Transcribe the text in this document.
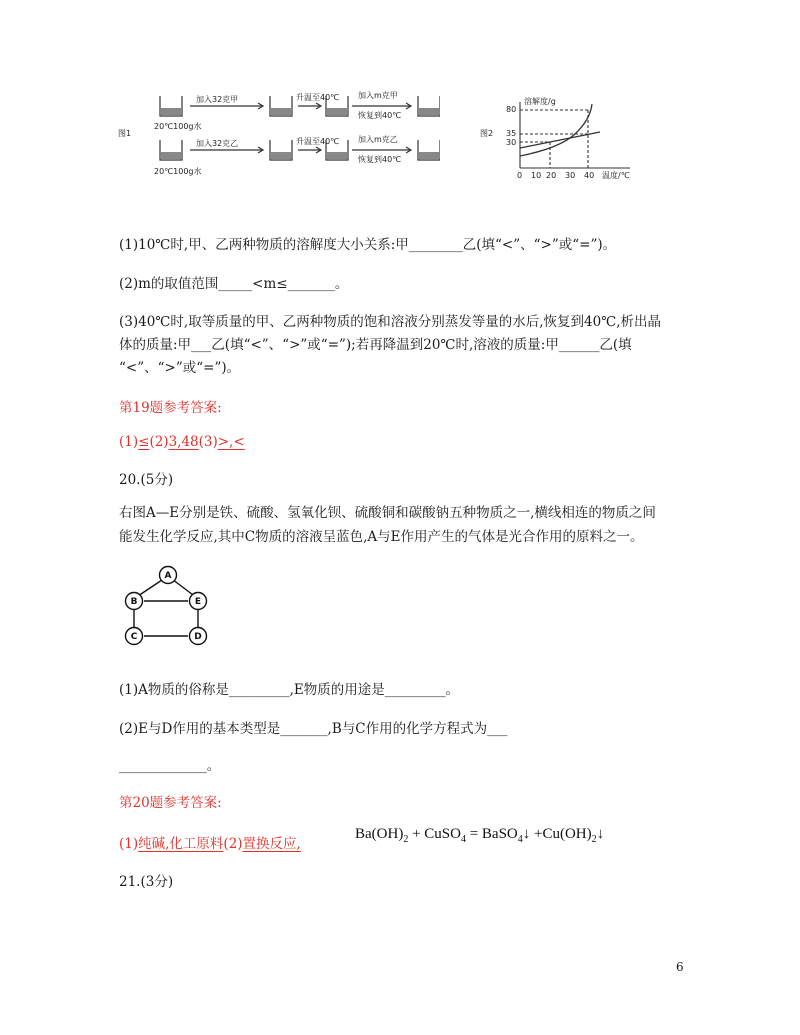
图1
加入32克甲	升温至40℃ 加入m克甲
恢复到40℃
20℃100g水
加入32克乙	升温至40℃ 加入m克乙
恢复到40℃
20℃100g水
图2
溶解度/g
80
35
30
0 10 20 30 40 温度/℃
(1)10℃时,甲、乙两种物质的溶解度大小关系:甲________乙(填“<”、“>”或“=”)。
(2)m的取值范围_____<m≤_______。
(3)40℃时,取等质量的甲、乙两种物质的饱和溶液分别蒸发等量的水后,恢复到40℃,析出晶
体的质量:甲___乙(填“<”、“>”或“=”);若再降温到20℃时,溶液的质量:甲______乙(填
“<”、“>”或“=”)。
第19题参考答案:
(1)≤(2)3,48(3)>,<
20.(5分)
右图A—E分别是铁、硫酸、氢氧化钡、硫酸铜和碳酸钠五种物质之一,横线相连的物质之间
能发生化学反应,其中C物质的溶液呈蓝色,A与E作用产生的气体是光合作用的原料之一。
A
B	E
C	D
(1)A物质的俗称是_________,E物质的用途是_________。
(2)E与D作用的基本类型是_______,B与C作用的化学方程式为___
_____________。
第20题参考答案:
(1)纯碱,化工原料(2)置换反应,
$Ba(OH)_2$ + CuSO$_4$ = BaSO$_4$↓ $+Cu(OH)_2↓$
21.(3分)
6
